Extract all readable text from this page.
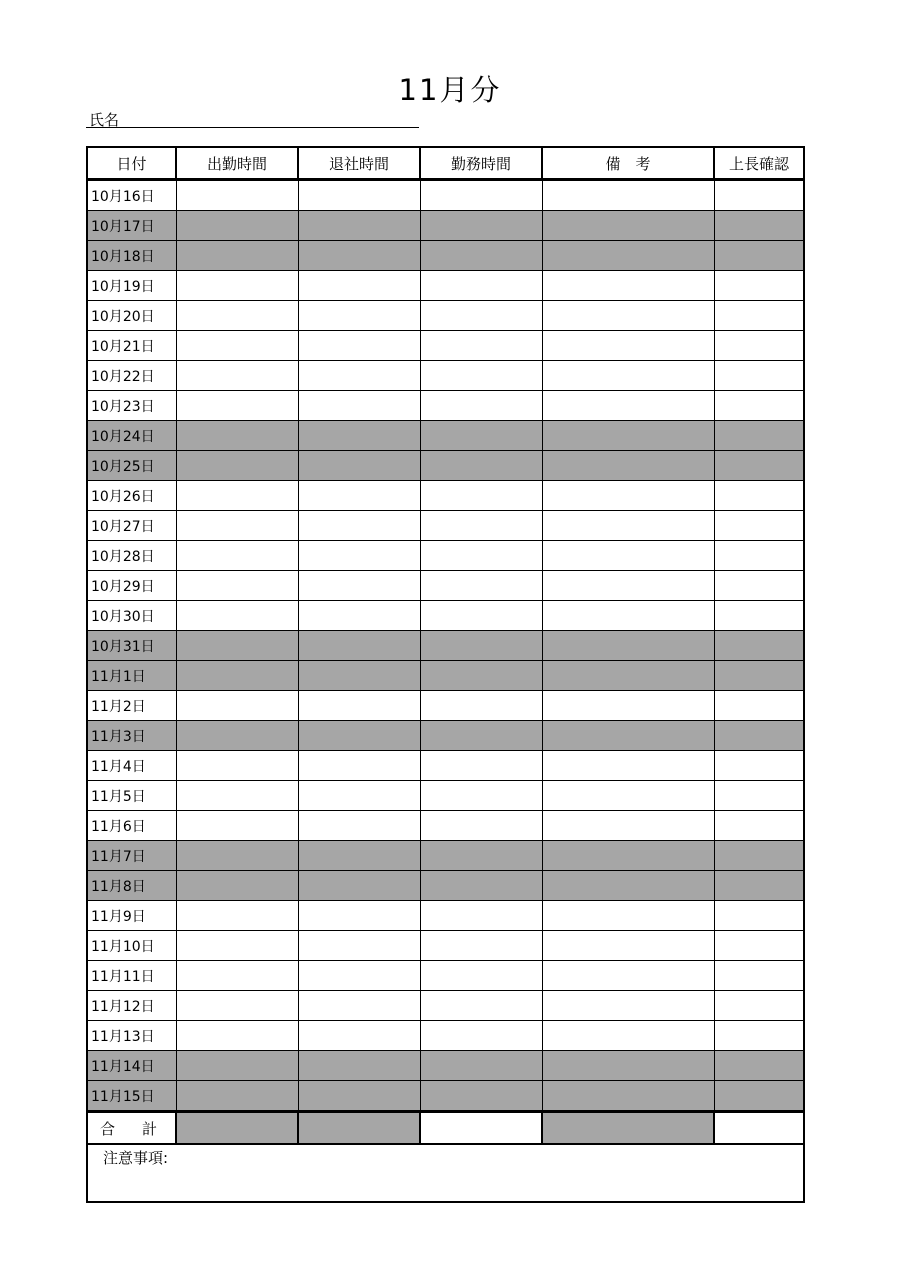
11月分
氏名
日付	出勤時間	退社時間	勤務時間	備　考	上長確認
10月16日					
10月17日					
10月18日					
10月19日					
10月20日					
10月21日					
10月22日					
10月23日					
10月24日					
10月25日					
10月26日					
10月27日					
10月28日					
10月29日					
10月30日					
10月31日					
11月1日					
11月2日					
11月3日					
11月4日					
11月5日					
11月6日					
11月7日					
11月8日					
11月9日					
11月10日					
11月11日					
11月12日					
11月13日					
11月14日					
11月15日					
合　計					
注意事項:					
